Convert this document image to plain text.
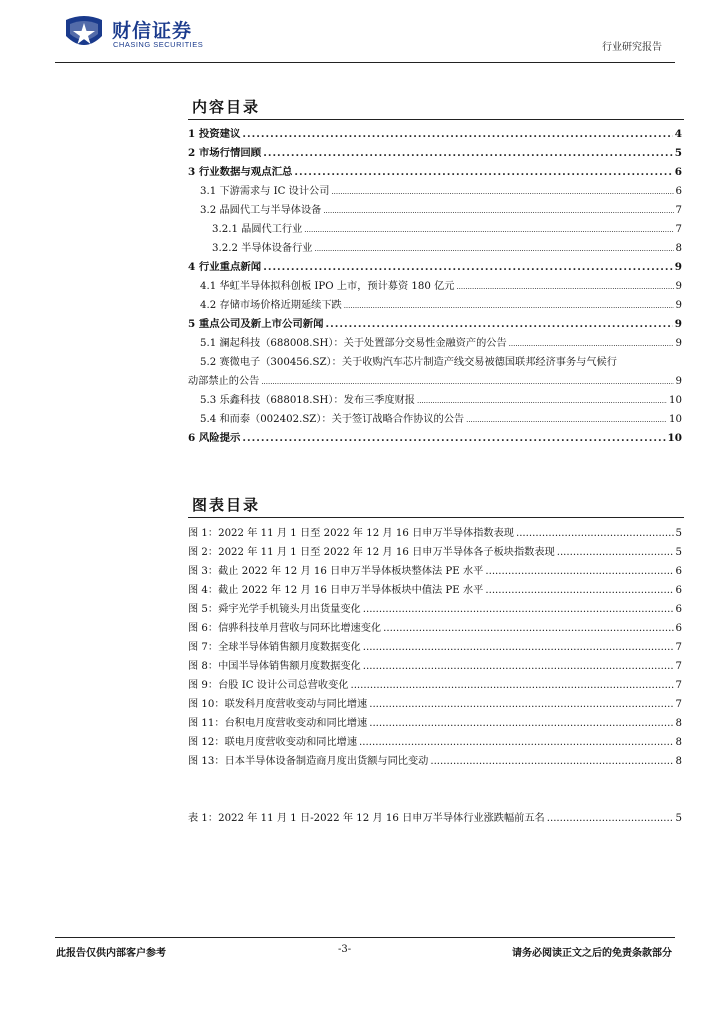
财信证券
CHASING SECURITIES	行业研究报告
内容目录
1 投资建议 .....	4
2 市场行情回顾 .....	5
3 行业数据与观点汇总 .....	6
3.1 下游需求与 IC 设计公司 .....	6
3.2 晶圆代工与半导体设备 .....	7
3.2.1 晶圆代工行业 .....	7
3.2.2 半导体设备行业 .....	8
4 行业重点新闻 .....	9
4.1 华虹半导体拟科创板 IPO 上市，预计募资 180 亿元 .....	9
4.2 存储市场价格近期延续下跌 .....	9
5 重点公司及新上市公司新闻 .....	9
5.1 澜起科技（688008.SH）：关于处置部分交易性金融资产的公告 .....	9
5.2 赛微电子（300456.SZ）：关于收购汽车芯片制造产线交易被德国联邦经济事务与气候行
动部禁止的公告 .....	9
5.3 乐鑫科技（688018.SH）：发布三季度财报 .....	10
5.4 和而泰（002402.SZ）：关于签订战略合作协议的公告 .....	10
6 风险提示 .....	10
图表目录
图 1：2022 年 11 月 1 日至 2022 年 12 月 16 日申万半导体指数表现 .....	5
图 2：2022 年 11 月 1 日至 2022 年 12 月 16 日申万半导体各子板块指数表现 .....	5
图 3：截止 2022 年 12 月 16 日申万半导体板块整体法 PE 水平 .....	6
图 4：截止 2022 年 12 月 16 日申万半导体板块中值法 PE 水平 .....	6
图 5：舜宇光学手机镜头月出货量变化 .....	6
图 6：信骅科技单月营收与同环比增速变化 .....	6
图 7：全球半导体销售额月度数据变化 .....	7
图 8：中国半导体销售额月度数据变化 .....	7
图 9：台股 IC 设计公司总营收变化 .....	7
图 10：联发科月度营收变动与同比增速 .....	7
图 11：台积电月度营收变动和同比增速 .....	8
图 12：联电月度营收变动和同比增速 .....	8
图 13：日本半导体设备制造商月度出货额与同比变动 .....	8
表 1：2022 年 11 月 1 日-2022 年 12 月 16 日申万半导体行业涨跌幅前五名 .....	5
此报告仅供内部客户参考	-3-	请务必阅读正文之后的免责条款部分
